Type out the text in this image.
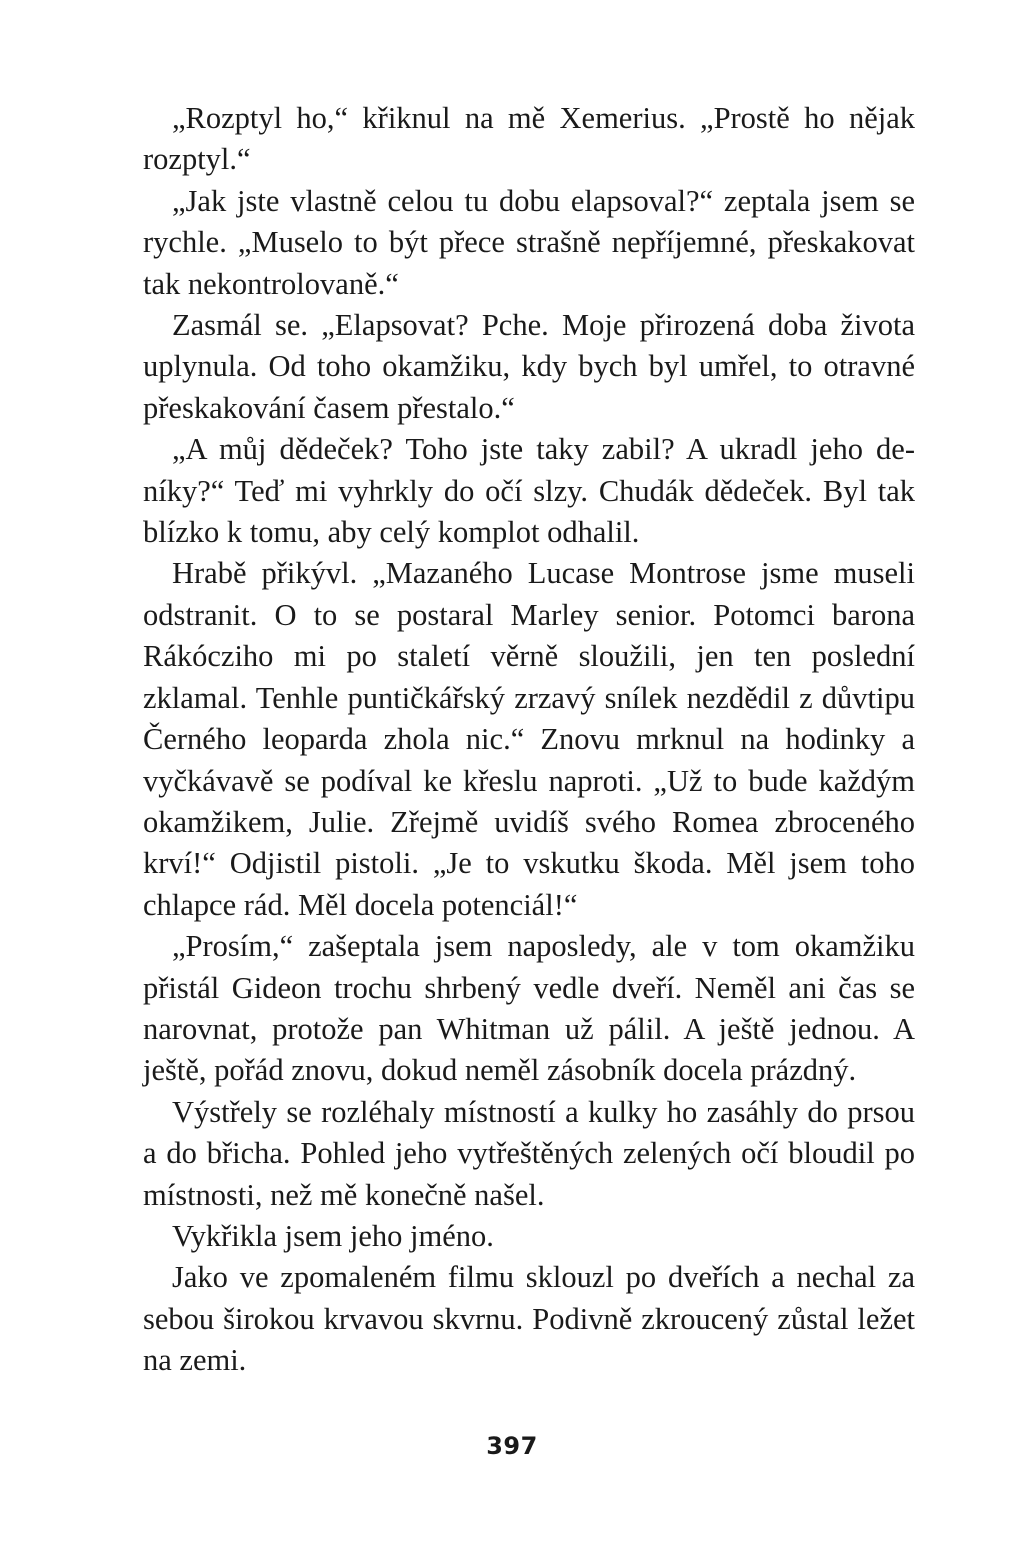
„Rozptyl ho,“ křiknul na mě Xemerius. „Prostě ho nějak rozptyl.“

„Jak jste vlastně celou tu dobu elapsoval?“ zeptala jsem se rychle. „Muselo to být přece strašně nepříjemné, přeskakovat tak nekontrolovaně.“

Zasmál se. „Elapsovat? Pche. Moje přirozená doba života uplynula. Od toho okamžiku, kdy bych byl umřel, to otravné přeskakování časem přestalo.“

„A můj dědeček? Toho jste taky zabil? A ukradl jeho deníky?“ Teď mi vyhrkly do očí slzy. Chudák dědeček. Byl tak blízko k tomu, aby celý komplot odhalil.

Hrabě přikývl. „Mazaného Lucase Montrose jsme museli odstranit. O to se postaral Marley senior. Potomci barona Rákócziho mi po staletí věrně sloužili, jen ten poslední zklamal. Tenhle puntičkářský zrzavý snílek nezdědil z důvtipu Černého leoparda zhola nic.“ Znovu mrknul na hodinky a vyčkávavě se podíval ke křeslu naproti. „Už to bude každým okamžikem, Julie. Zřejmě uvidíš svého Romea zbroceného krví!“ Odjistil pistoli. „Je to vskutku škoda. Měl jsem toho chlapce rád. Měl docela potenciál!“

„Prosím,“ zašeptala jsem naposledy, ale v tom okamžiku přistál Gideon trochu shrbený vedle dveří. Neměl ani čas se narovnat, protože pan Whitman už pálil. A ještě jednou. A ještě, pořád znovu, dokud neměl zásobník docela prázdný.

Výstřely se rozléhaly místností a kulky ho zasáhly do prsou a do břicha. Pohled jeho vytřeštěných zelených očí bloudil po místnosti, než mě konečně našel.

Vykřikla jsem jeho jméno.

Jako ve zpomaleném filmu sklouzl po dveřích a nechal za sebou širokou krvavou skvrnu. Podivně zkroucený zůstal ležet na zemi.

397
